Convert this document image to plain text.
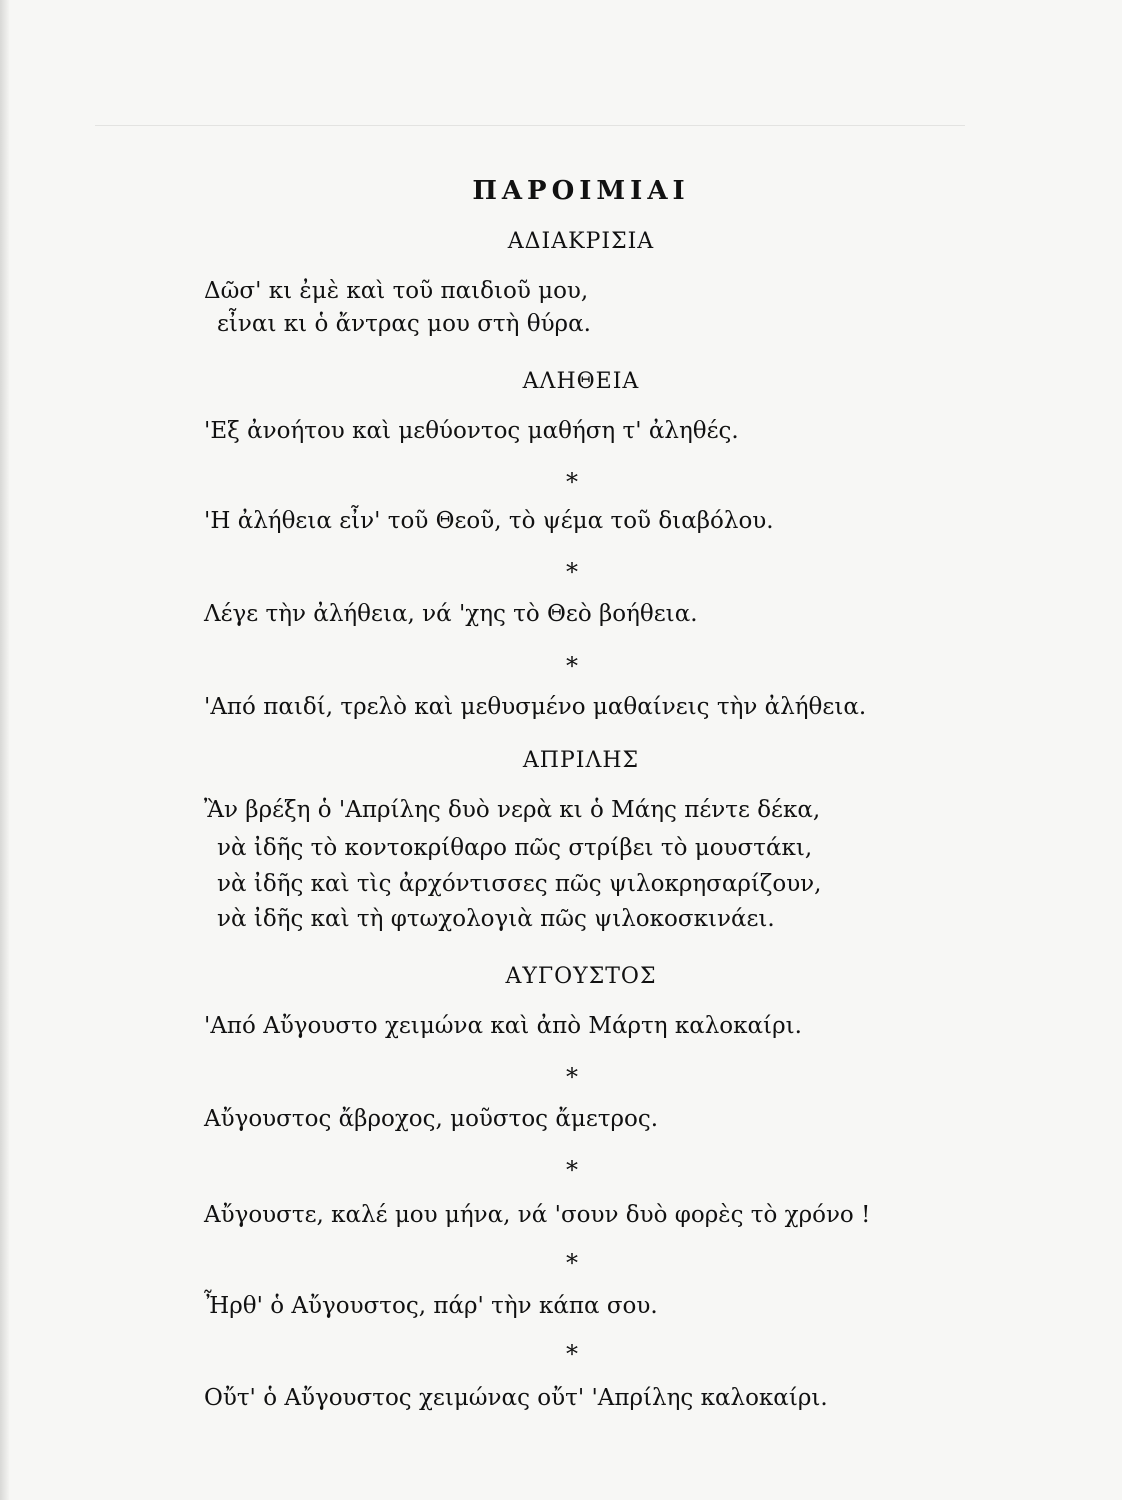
ΠΑΡΟΙΜΙΑΙ
ΑΔΙΑΚΡΙΣΙΑ
Δῶσ' κι ἐμὲ καὶ τοῦ παιδιοῦ μου,
εἶναι κι ὁ ἄντρας μου στὴ θύρα.
ΑΛΗΘΕΙΑ
'Εξ ἀνοήτου καὶ μεθύοντος μαθήση τ' ἀληθές.
*
'Η ἀλήθεια εἶν' τοῦ Θεοῦ, τὸ ψέμα τοῦ διαβόλου.
*
Λέγε τὴν ἀλήθεια, νά 'χης τὸ Θεὸ βοήθεια.
*
'Από παιδί, τρελὸ καὶ μεθυσμένο μαθαίνεις τὴν ἀλήθεια.
ΑΠΡΙΛΗΣ
Ἂν βρέξη ὁ 'Απρίλης δυὸ νερὰ κι ὁ Μάης πέντε δέκα,
νὰ ἰδῆς τὸ κοντοκρίθαρο πῶς στρίβει τὸ μουστάκι,
νὰ ἰδῆς καὶ τὶς ἀρχόντισσες πῶς ψιλοκρησαρίζουν,
νὰ ἰδῆς καὶ τὴ φτωχολογιὰ πῶς ψιλοκοσκινάει.
ΑΥΓΟΥΣΤΟΣ
'Από Αὔγουστο χειμώνα καὶ ἀπὸ Μάρτη καλοκαίρι.
*
Αὔγουστος ἄβροχος, μοῦστος ἄμετρος.
*
Αὔγουστε, καλέ μου μήνα, νά 'σουν δυὸ φορὲς τὸ χρόνο !
*
Ἦρθ' ὁ Αὔγουστος, πάρ' τὴν κάπα σου.
*
Οὔτ' ὁ Αὔγουστος χειμώνας οὔτ' 'Απρίλης καλοκαίρι.
